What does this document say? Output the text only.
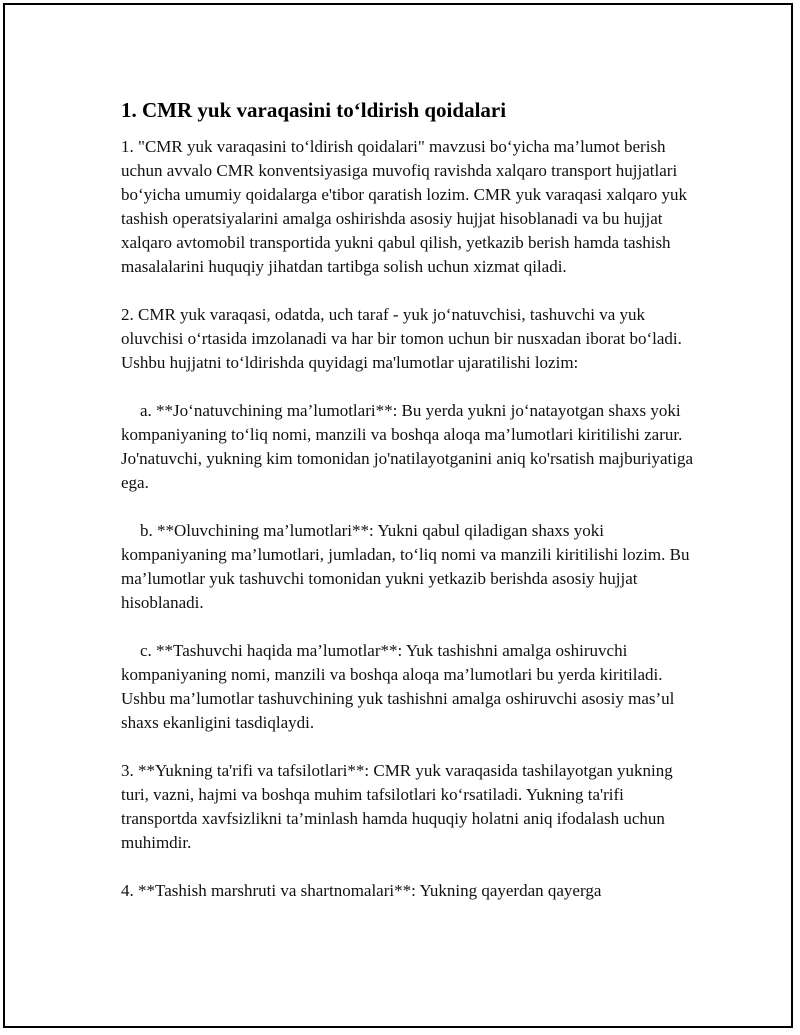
1. CMR yuk varaqasini to‘ldirish qoidalari

1. "CMR yuk varaqasini to‘ldirish qoidalari" mavzusi bo‘yicha ma’lumot berish uchun avvalo CMR konventsiyasiga muvofiq ravishda xalqaro transport hujjatlari bo‘yicha umumiy qoidalarga e'tibor qaratish lozim. CMR yuk varaqasi xalqaro yuk tashish operatsiyalarini amalga oshirishda asosiy hujjat hisoblanadi va bu hujjat xalqaro avtomobil transportida yukni qabul qilish, yetkazib berish hamda tashish masalalarini huquqiy jihatdan tartibga solish uchun xizmat qiladi.

2. CMR yuk varaqasi, odatda, uch taraf - yuk jo‘natuvchisi, tashuvchi va yuk oluvchisi o‘rtasida imzolanadi va har bir tomon uchun bir nusxadan iborat bo‘ladi. Ushbu hujjatni to‘ldirishda quyidagi ma'lumotlar ujaratilishi lozim:

a. **Jo‘natuvchining ma’lumotlari**: Bu yerda yukni jo‘natayotgan shaxs yoki kompaniyaning to‘liq nomi, manzili va boshqa aloqa ma’lumotlari kiritilishi zarur. Jo'natuvchi, yukning kim tomonidan jo'natilayotganini aniq ko'rsatish majburiyatiga ega.

b. **Oluvchining ma’lumotlari**: Yukni qabul qiladigan shaxs yoki kompaniyaning ma’lumotlari, jumladan, to‘liq nomi va manzili kiritilishi lozim. Bu ma’lumotlar yuk tashuvchi tomonidan yukni yetkazib berishda asosiy hujjat hisoblanadi.

c. **Tashuvchi haqida ma’lumotlar**: Yuk tashishni amalga oshiruvchi kompaniyaning nomi, manzili va boshqa aloqa ma’lumotlari bu yerda kiritiladi. Ushbu ma’lumotlar tashuvchining yuk tashishni amalga oshiruvchi asosiy mas’ul shaxs ekanligini tasdiqlaydi.

3. **Yukning ta'rifi va tafsilotlari**: CMR yuk varaqasida tashilayotgan yukning turi, vazni, hajmi va boshqa muhim tafsilotlari ko‘rsatiladi. Yukning ta'rifi transportda xavfsizlikni ta’minlash hamda huquqiy holatni aniq ifodalash uchun muhimdir.

4. **Tashish marshruti va shartnomalari**: Yukning qayerdan qayerga
